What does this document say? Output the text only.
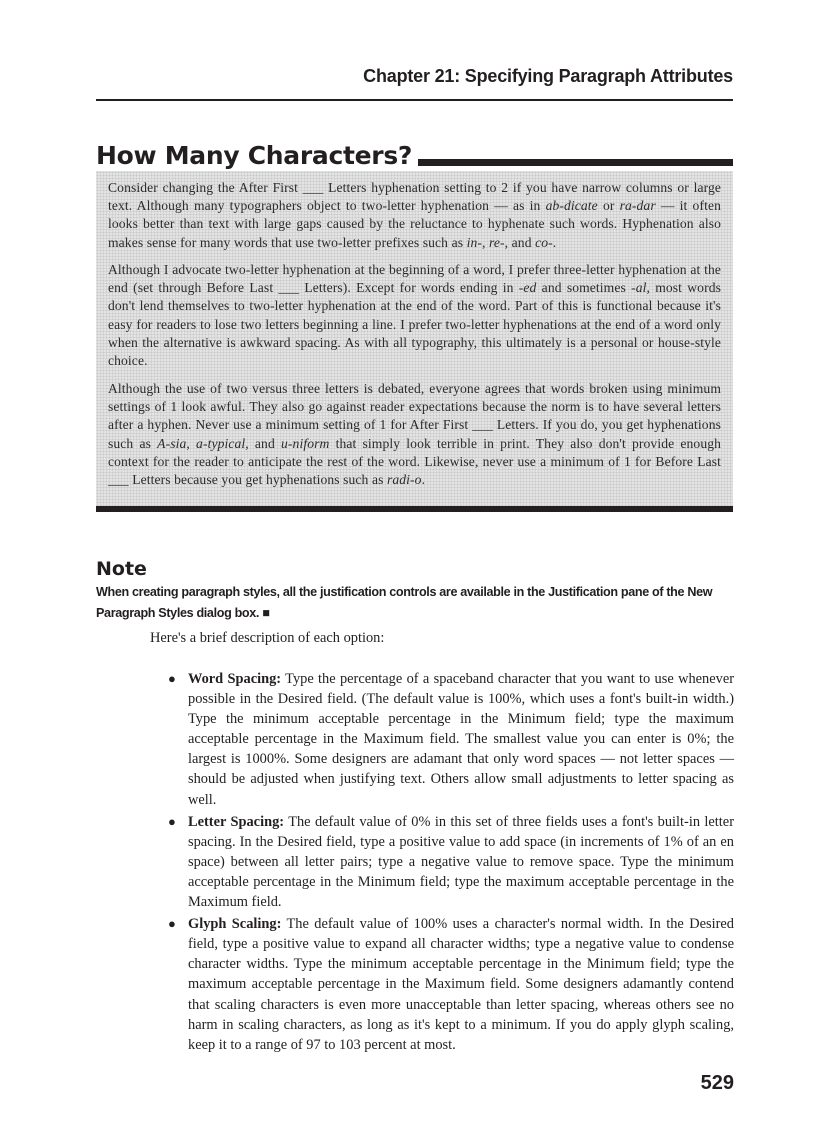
Chapter 21: Specifying Paragraph Attributes
How Many Characters?

Consider changing the After First ___ Letters hyphenation setting to 2 if you have narrow columns or large text. Although many typographers object to two-letter hyphenation — as in ab-dicate or ra-dar — it often looks better than text with large gaps caused by the reluctance to hyphenate such words. Hyphenation also makes sense for many words that use two-letter prefixes such as in-, re-, and co-.

Although I advocate two-letter hyphenation at the beginning of a word, I prefer three-letter hyphenation at the end (set through Before Last ___ Letters). Except for words ending in -ed and sometimes -al, most words don't lend themselves to two-letter hyphenation at the end of the word. Part of this is functional because it's easy for readers to lose two letters beginning a line. I prefer two-letter hyphenations at the end of a word only when the alternative is awkward spacing. As with all typography, this ultimately is a personal or house-style choice.

Although the use of two versus three letters is debated, everyone agrees that words broken using minimum settings of 1 look awful. They also go against reader expectations because the norm is to have several letters after a hyphen. Never use a minimum setting of 1 for After First ___ Letters. If you do, you get hyphenations such as A-sia, a-typical, and u-niform that simply look terrible in print. They also don't provide enough context for the reader to anticipate the rest of the word. Likewise, never use a minimum of 1 for Before Last ___ Letters because you get hyphenations such as radi-o.

Note

When creating paragraph styles, all the justification controls are available in the Justification pane of the New Paragraph Styles dialog box. ■

Here's a brief description of each option:

● Word Spacing: Type the percentage of a spaceband character that you want to use whenever possible in the Desired field. (The default value is 100%, which uses a font's built-in width.) Type the minimum acceptable percentage in the Minimum field; type the maximum acceptable percentage in the Maximum field. The smallest value you can enter is 0%; the largest is 1000%. Some designers are adamant that only word spaces — not letter spaces — should be adjusted when justifying text. Others allow small adjustments to letter spacing as well.
● Letter Spacing: The default value of 0% in this set of three fields uses a font's built-in letter spacing. In the Desired field, type a positive value to add space (in increments of 1% of an en space) between all letter pairs; type a negative value to remove space. Type the minimum acceptable percentage in the Minimum field; type the maximum acceptable percentage in the Maximum field.
● Glyph Scaling: The default value of 100% uses a character's normal width. In the Desired field, type a positive value to expand all character widths; type a negative value to condense character widths. Type the minimum acceptable percentage in the Minimum field; type the maximum acceptable percentage in the Maximum field. Some designers adamantly contend that scaling characters is even more unacceptable than letter spacing, whereas others see no harm in scaling characters, as long as it's kept to a minimum. If you do apply glyph scaling, keep it to a range of 97 to 103 percent at most.

529
